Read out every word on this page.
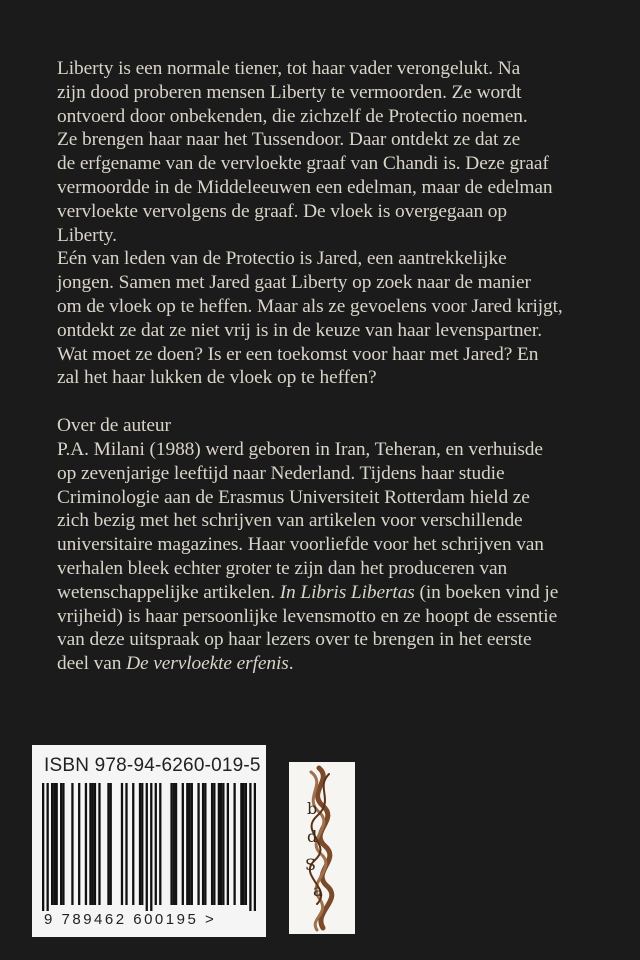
Liberty is een normale tiener, tot haar vader verongelukt. Na
zijn dood proberen mensen Liberty te vermoorden. Ze wordt
ontvoerd door onbekenden, die zichzelf de Protectio noemen.
Ze brengen haar naar het Tussendoor. Daar ontdekt ze dat ze
de erfgename van de vervloekte graaf van Chandi is. Deze graaf
vermoordde in de Middeleeuwen een edelman, maar de edelman
vervloekte vervolgens de graaf. De vloek is overgegaan op
Liberty.

Eén van leden van de Protectio is Jared, een aantrekkelijke
jongen. Samen met Jared gaat Liberty op zoek naar de manier
om de vloek op te heffen. Maar als ze gevoelens voor Jared krijgt,
ontdekt ze dat ze niet vrij is in de keuze van haar levenspartner.
Wat moet ze doen? Is er een toekomst voor haar met Jared? En
zal het haar lukken de vloek op te heffen?

Over de auteur

P.A. Milani (1988) werd geboren in Iran, Teheran, en verhuisde
op zevenjarige leeftijd naar Nederland. Tijdens haar studie
Criminologie aan de Erasmus Universiteit Rotterdam hield ze
zich bezig met het schrijven van artikelen voor verschillende
universitaire magazines. Haar voorliefde voor het schrijven van
verhalen bleek echter groter te zijn dan het produceren van
wetenschappelijke artikelen. In Libris Libertas (in boeken vind je
vrijheid) is haar persoonlijke levensmotto en ze hoopt de essentie
van deze uitspraak op haar lezers over te brengen in het eerste
deel van De vervloekte erfenis.

ISBN 978-94-6260-019-5
9 789462 600195 >
b
d
S
a
